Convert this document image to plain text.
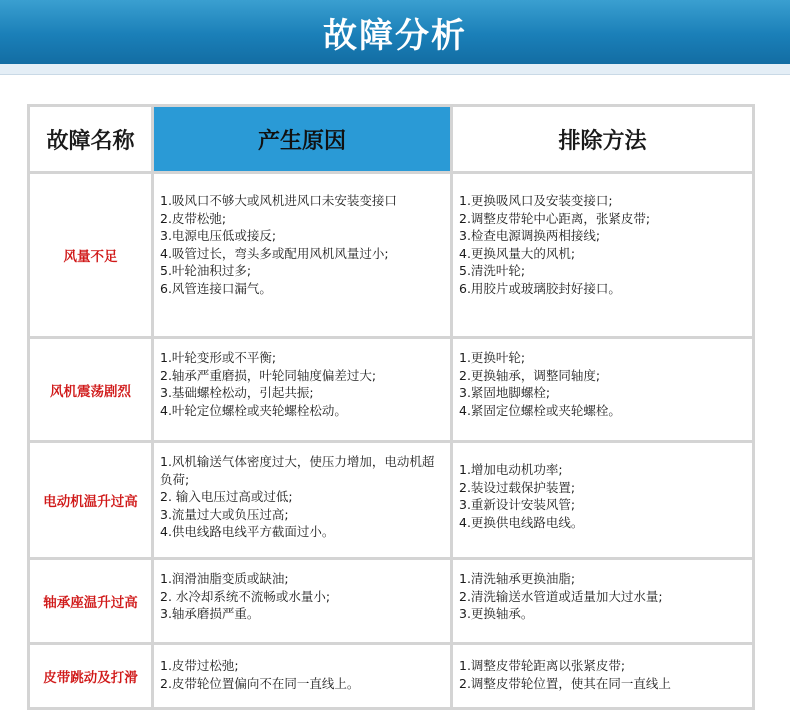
故障分析
故障名称	产生原因	排除方法
风量不足
1.吸风口不够大或风机进风口未安装变接口
2.皮带松弛;
3.电源电压低或接反;
4.吸管过长，弯头多或配用风机风量过小;
5.叶轮油积过多;
6.风管连接口漏气。
1.更换吸风口及安装变接口;
2.调整皮带轮中心距离，张紧皮带;
3.检查电源调换两相接线;
4.更换风量大的风机;
5.清洗叶轮;
6.用胶片或玻璃胶封好接口。
风机震荡剧烈
1.叶轮变形或不平衡;
2.轴承严重磨损，叶轮同轴度偏差过大;
3.基础螺栓松动，引起共振;
4.叶轮定位螺栓或夹轮螺栓松动。
1.更换叶轮;
2.更换轴承，调整同轴度;
3.紧固地脚螺栓;
4.紧固定位螺栓或夹轮螺栓。
电动机温升过高
1.风机输送气体密度过大，使压力增加，电动机超负荷;
2. 输入电压过高或过低;
3.流量过大或负压过高;
4.供电线路电线平方截面过小。
1.增加电动机功率;
2.装设过载保护装置;
3.重新设计安装风管;
4.更换供电线路电线。
轴承座温升过高
1.润滑油脂变质或缺油;
2. 水冷却系统不流畅或水量小;
3.轴承磨损严重。
1.清洗轴承更换油脂;
2.清洗输送水管道或适量加大过水量;
3.更换轴承。
皮带跳动及打滑
1.皮带过松弛;
2.皮带轮位置偏向不在同一直线上。
1.调整皮带轮距离以张紧皮带;
2.调整皮带轮位置，使其在同一直线上
